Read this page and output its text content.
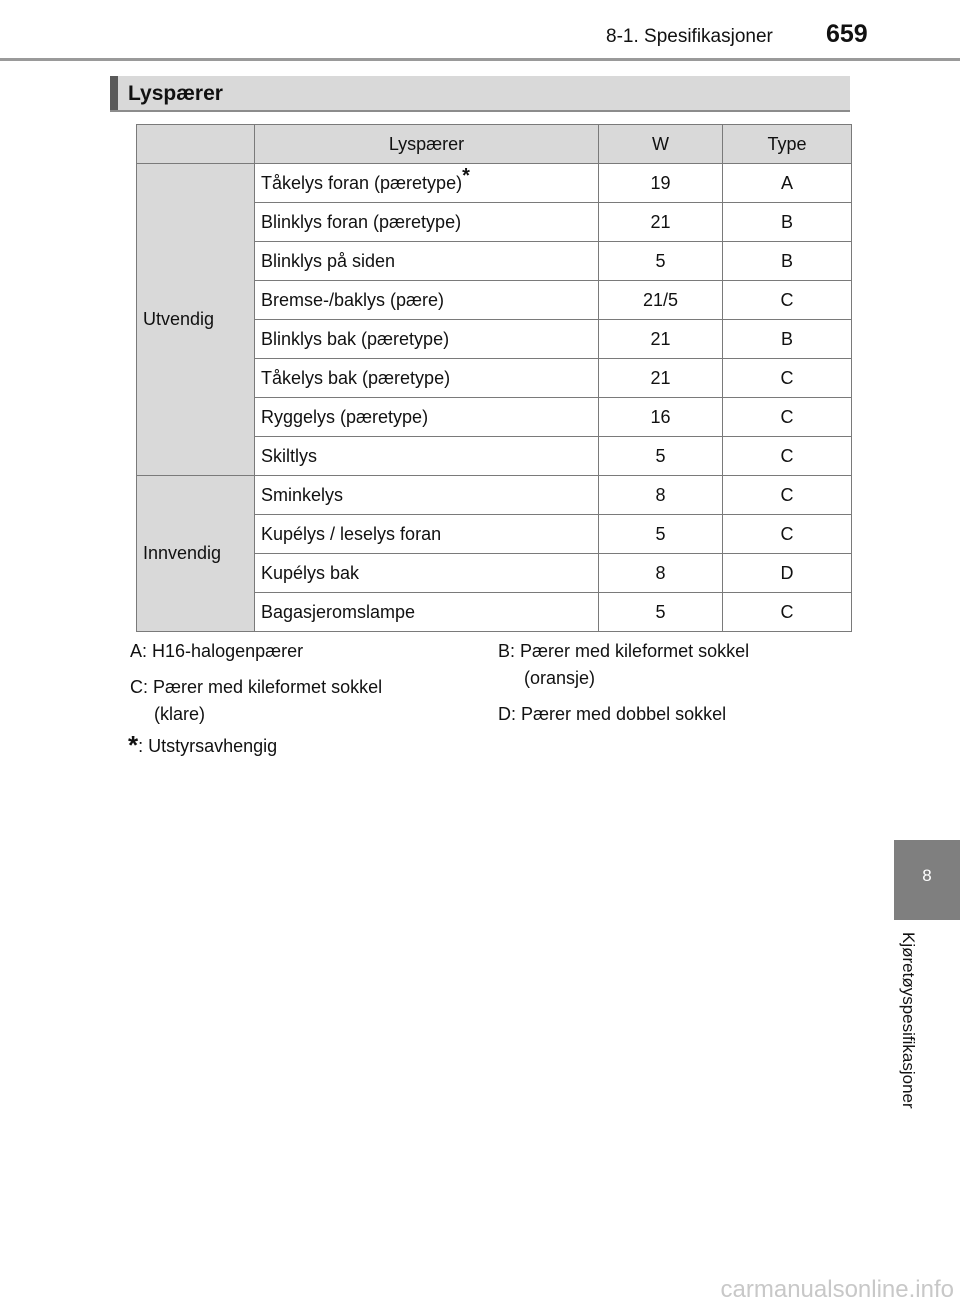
8-1. Spesifikasjoner 659
Lyspærer
	Lyspærer	W	Type
Utvendig	Tåkelys foran (pæretype)*	19	A
	Blinklys foran (pæretype)	21	B
	Blinklys på siden	5	B
	Bremse-/baklys (pære)	21/5	C
	Blinklys bak (pæretype)	21	B
	Tåkelys bak (pæretype)	21	C
	Ryggelys (pæretype)	16	C
	Skiltlys	5	C
Innvendig	Sminkelys	8	C
	Kupélys / leselys foran	5	C
	Kupélys bak	8	D
	Bagasjeromslampe	5	C
A: H16-halogenpærer	B: Pærer med kileformet sokkel
(oransje)
C: Pærer med kileformet sokkel
(klare)	D: Pærer med dobbel sokkel
*: Utstyrsavhengig
8
Kjøretøyspesifikasjoner
carmanualsonline.info
